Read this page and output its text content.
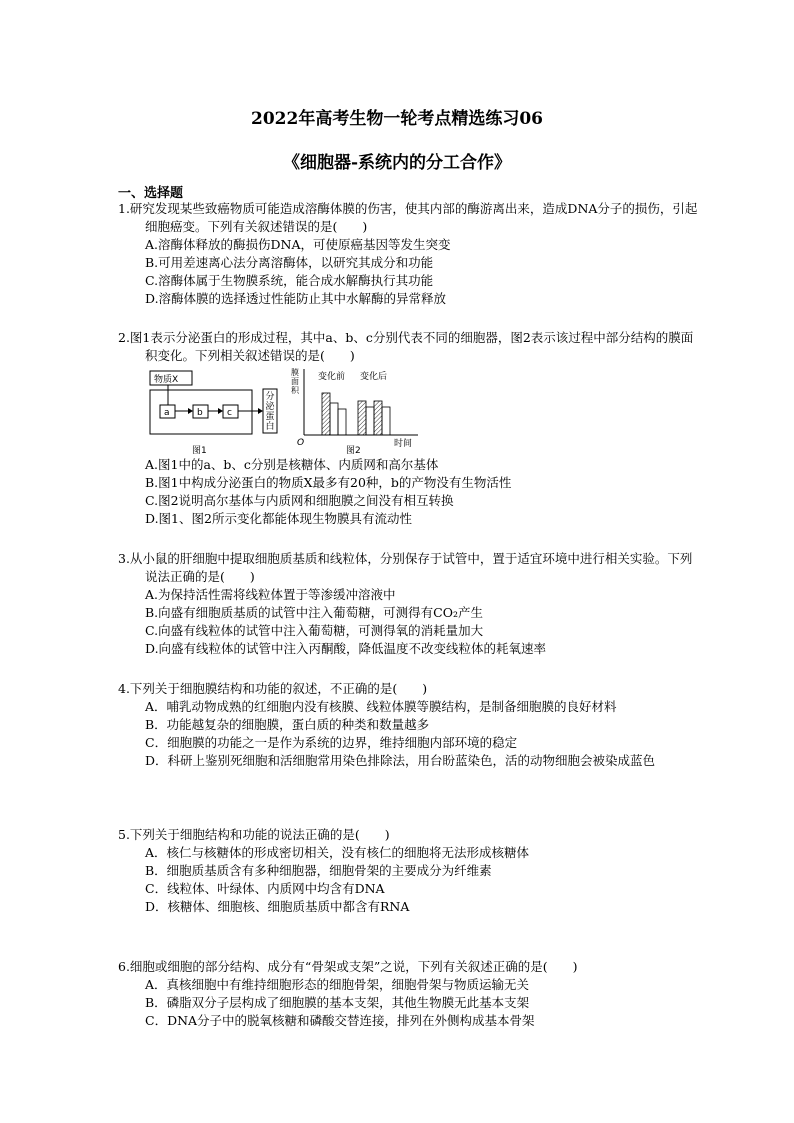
2022年高考生物一轮考点精选练习06
《细胞器-系统内的分工合作》
一、选择题

1.研究发现某些致癌物质可能造成溶酶体膜的伤害，使其内部的酶游离出来，造成DNA分子的损伤，引起细胞癌变。下列有关叙述错误的是(　　)

A.溶酶体释放的酶损伤DNA，可使原癌基因等发生突变

B.可用差速离心法分离溶酶体，以研究其成分和功能

C.溶酶体属于生物膜系统，能合成水解酶执行其功能

D.溶酶体膜的选择透过性能防止其中水解酶的异常释放

2.图1表示分泌蛋白的形成过程，其中a、b、c分别代表不同的细胞器，图2表示该过程中部分结构的膜面积变化。下列相关叙述错误的是(　　)

物质X
a	b	c
分泌蛋白
图1
膜面积
变化前 变化后
O	时间
图2

A.图1中的a、b、c分别是核糖体、内质网和高尔基体

B.图1中构成分泌蛋白的物质X最多有20种，b的产物没有生物活性

C.图2说明高尔基体与内质网和细胞膜之间没有相互转换

D.图1、图2所示变化都能体现生物膜具有流动性

3.从小鼠的肝细胞中提取细胞质基质和线粒体，分别保存于试管中，置于适宜环境中进行相关实验。下列说法正确的是(　　)

A.为保持活性需将线粒体置于等渗缓冲溶液中

B.向盛有细胞质基质的试管中注入葡萄糖，可测得有CO₂产生

C.向盛有线粒体的试管中注入葡萄糖，可测得氧的消耗量加大

D.向盛有线粒体的试管中注入丙酮酸，降低温度不改变线粒体的耗氧速率

4.下列关于细胞膜结构和功能的叙述，不正确的是(　　)

A．哺乳动物成熟的红细胞内没有核膜、线粒体膜等膜结构，是制备细胞膜的良好材料

B．功能越复杂的细胞膜，蛋白质的种类和数量越多

C．细胞膜的功能之一是作为系统的边界，维持细胞内部环境的稳定

D．科研上鉴别死细胞和活细胞常用染色排除法，用台盼蓝染色，活的动物细胞会被染成蓝色

5.下列关于细胞结构和功能的说法正确的是(　　)

A．核仁与核糖体的形成密切相关，没有核仁的细胞将无法形成核糖体

B．细胞质基质含有多种细胞器，细胞骨架的主要成分为纤维素

C．线粒体、叶绿体、内质网中均含有DNA

D．核糖体、细胞核、细胞质基质中都含有RNA

6.细胞或细胞的部分结构、成分有“骨架或支架”之说，下列有关叙述正确的是(　　)

A．真核细胞中有维持细胞形态的细胞骨架，细胞骨架与物质运输无关

B．磷脂双分子层构成了细胞膜的基本支架，其他生物膜无此基本支架

C．DNA分子中的脱氧核糖和磷酸交替连接，排列在外侧构成基本骨架
